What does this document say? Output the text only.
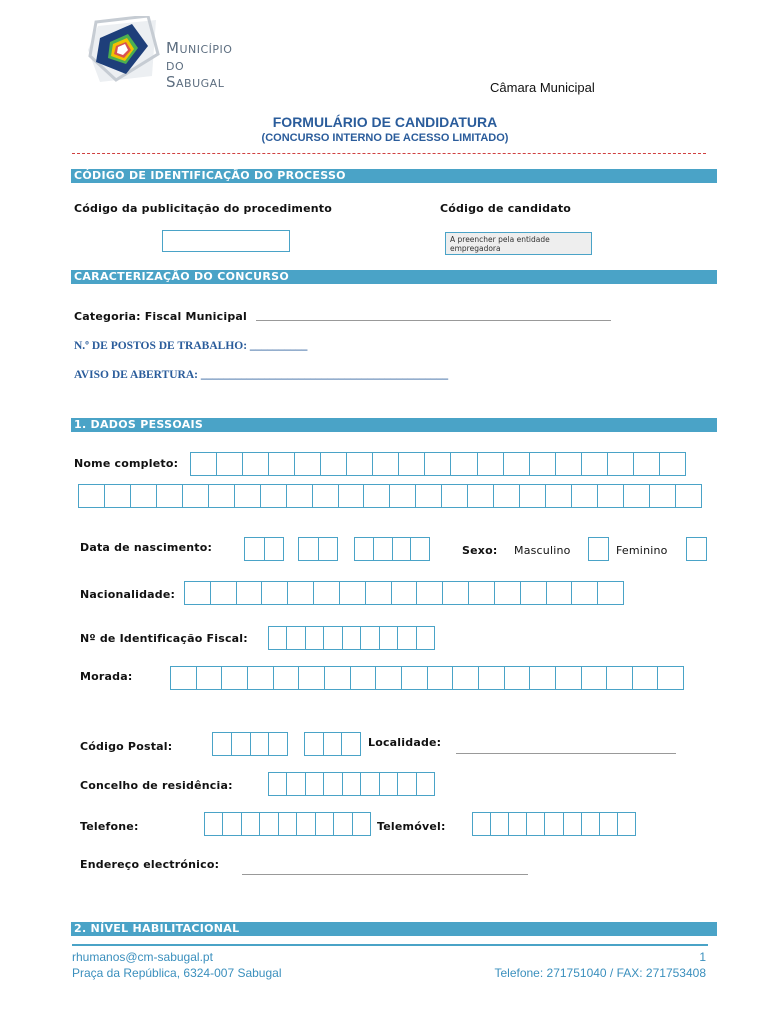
Município
do
Sabugal	Câmara Municipal
FORMULÁRIO DE CANDIDATURA
(CONCURSO INTERNO DE ACESSO LIMITADO)
CÓDIGO DE IDENTIFICAÇÃO DO PROCESSO
Código da publicitação do procedimento	Código de candidato
A preencher pela entidade empregadora
CARACTERIZAÇÃO DO CONCURSO
Categoria: Fiscal Municipal
N.º DE POSTOS DE TRABALHO: __________
AVISO DE ABERTURA: ___________________________________________
1. DADOS PESSOAIS
Nome completo:
Data de nascimento:	Sexo: Masculino	Feminino
Nacionalidade:
Nº de Identificação Fiscal:
Morada:
Código Postal:	Localidade:
Concelho de residência:
Telefone:	Telemóvel:
Endereço electrónico:
2. NÍVEL HABILITACIONAL
rhumanos@cm-sabugal.pt
Praça da República, 6324-007 Sabugal
1
Telefone: 271751040 / FAX: 271753408
